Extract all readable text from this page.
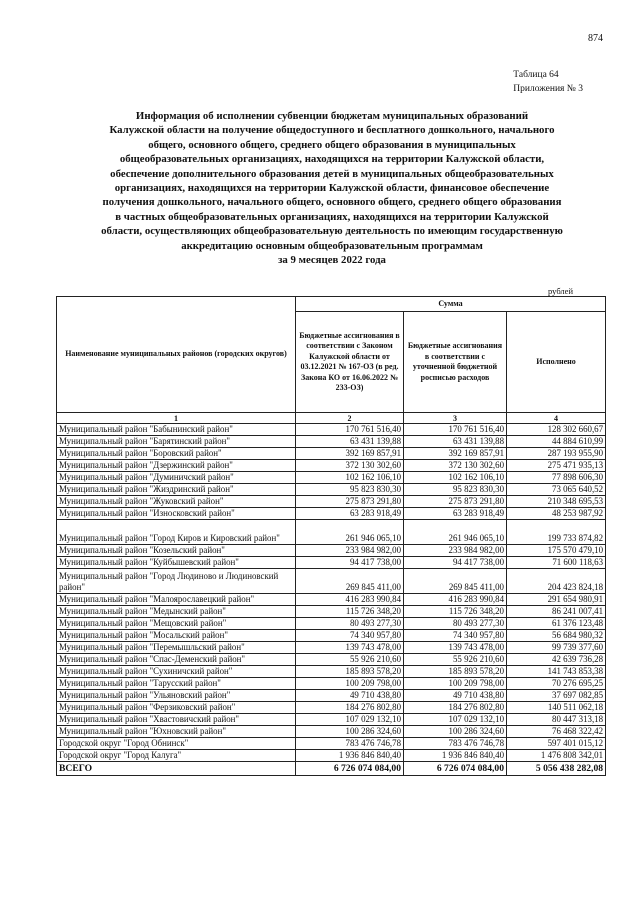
874
Таблица 64
Приложения № 3
Информация об исполнении субвенции бюджетам муниципальных образований
Калужской области на получение общедоступного и бесплатного дошкольного, начального
общего, основного общего, среднего общего образования в муниципальных
общеобразовательных организациях, находящихся на территории Калужской области,
обеспечение дополнительного образования детей в муниципальных общеобразовательных
организациях, находящихся на территории Калужской области, финансовое обеспечение
получения дошкольного, начального общего, основного общего, среднего общего образования
в частных общеобразовательных организациях, находящихся на территории Калужской
области, осуществляющих общеобразовательную деятельность по имеющим государственную
аккредитацию основным общеобразовательным программам
за 9 месяцев 2022 года
рублей
Наименование муниципальных районов (городских округов)	Сумма		
	Бюджетные ассигнования в соответствии с Законом Калужской области от 03.12.2021 № 167-ОЗ (в ред. Закона КО от 16.06.2022 № 233-ОЗ)	Бюджетные ассигнования в соответствии с уточненной бюджетной росписью расходов	Исполнено
1	2	3	4
Муниципальный район "Бабынинский район"	170 761 516,40	170 761 516,40	128 302 660,67
Муниципальный район "Барятинский район"	63 431 139,88	63 431 139,88	44 884 610,99
Муниципальный район "Боровский район"	392 169 857,91	392 169 857,91	287 193 955,90
Муниципальный район "Дзержинский район"	372 130 302,60	372 130 302,60	275 471 935,13
Муниципальный район "Думиничский район"	102 162 106,10	102 162 106,10	77 898 606,30
Муниципальный район "Жиздринский район"	95 823 830,30	95 823 830,30	73 065 640,52
Муниципальный район "Жуковский район"	275 873 291,80	275 873 291,80	210 348 695,53
Муниципальный район "Износковский район"	63 283 918,49	63 283 918,49	48 253 987,92
Муниципальный район "Город Киров и Кировский район"	261 946 065,10	261 946 065,10	199 733 874,82
Муниципальный район "Козельский район"	233 984 982,00	233 984 982,00	175 570 479,10
Муниципальный район "Куйбышевский район"	94 417 738,00	94 417 738,00	71 600 118,63
Муниципальный район "Город Людиново и Людиновский район"	269 845 411,00	269 845 411,00	204 423 824,18
Муниципальный район "Малоярославецкий район"	416 283 990,84	416 283 990,84	291 654 980,91
Муниципальный район "Медынский район"	115 726 348,20	115 726 348,20	86 241 007,41
Муниципальный район "Мещовский район"	80 493 277,30	80 493 277,30	61 376 123,48
Муниципальный район "Мосальский район"	74 340 957,80	74 340 957,80	56 684 980,32
Муниципальный район "Перемышльский район"	139 743 478,00	139 743 478,00	99 739 377,60
Муниципальный район "Спас-Деменский район"	55 926 210,60	55 926 210,60	42 639 736,28
Муниципальный район "Сухиничский район"	185 893 578,20	185 893 578,20	141 743 853,38
Муниципальный район "Тарусский район"	100 209 798,00	100 209 798,00	70 276 695,25
Муниципальный район "Ульяновский район"	49 710 438,80	49 710 438,80	37 697 082,85
Муниципальный район "Ферзиковский район"	184 276 802,80	184 276 802,80	140 511 062,18
Муниципальный район "Хвастовичский район"	107 029 132,10	107 029 132,10	80 447 313,18
Муниципальный район "Юхновский район"	100 286 324,60	100 286 324,60	76 468 322,42
Городской округ "Город Обнинск"	783 476 746,78	783 476 746,78	597 401 015,12
Городской округ "Город Калуга"	1 936 846 840,40	1 936 846 840,40	1 476 808 342,01
ВСЕГО	6 726 074 084,00	6 726 074 084,00	5 056 438 282,08
